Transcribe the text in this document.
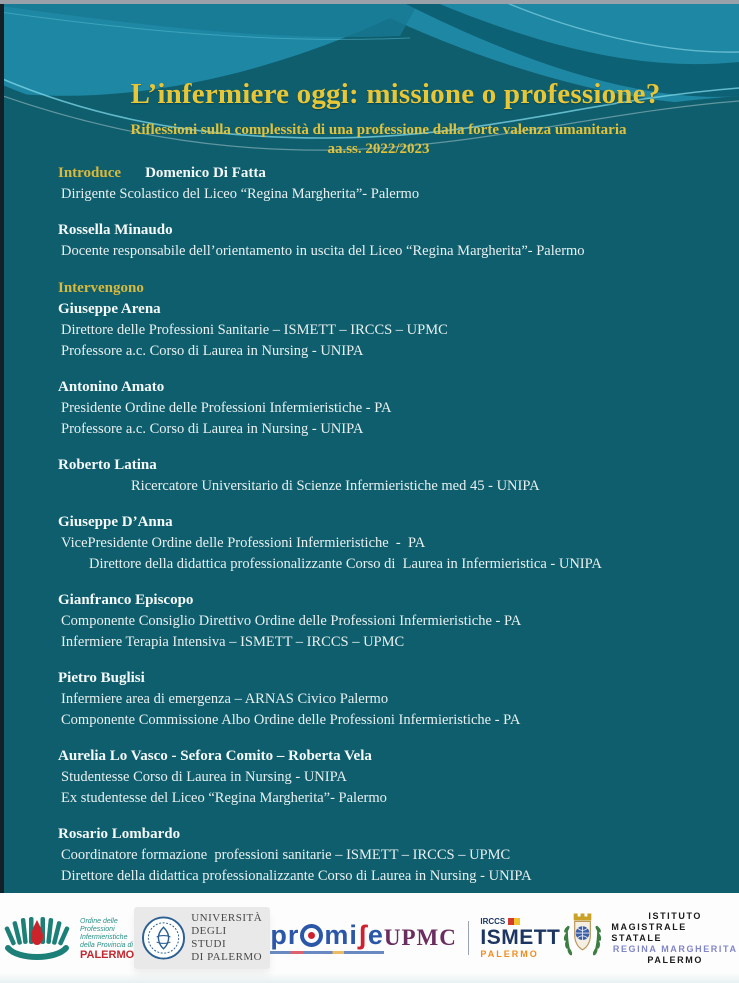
L’infermiere oggi: missione o professione?
Riflessioni sulla complessità di una professione dalla forte valenza umanitaria
aa.ss. 2022/2023
Introduce Domenico Di Fatta
Dirigente Scolastico del Liceo “Regina Margherita”- Palermo
Rossella Minaudo
Docente responsabile dell’orientamento in uscita del Liceo “Regina Margherita”- Palermo
Intervengono
Giuseppe Arena
Direttore delle Professioni Sanitarie – ISMETT – IRCCS – UPMC
Professore a.c. Corso di Laurea in Nursing - UNIPA
Antonino Amato
Presidente Ordine delle Professioni Infermieristiche - PA
Professore a.c. Corso di Laurea in Nursing - UNIPA
Roberto Latina
Ricercatore Universitario di Scienze Infermieristiche med 45 - UNIPA
Giuseppe D’Anna
VicePresidente Ordine delle Professioni Infermieristiche  -  PA
Direttore della didattica professionalizzante Corso di  Laurea in Infermieristica - UNIPA
Gianfranco Episcopo
Componente Consiglio Direttivo Ordine delle Professioni Infermieristiche - PA
Infermiere Terapia Intensiva – ISMETT – IRCCS – UPMC
Pietro Buglisi
Infermiere area di emergenza – ARNAS Civico Palermo
Componente Commissione Albo Ordine delle Professioni Infermieristiche - PA
Aurelia Lo Vasco - Sefora Comito – Roberta Vela
Studentesse Corso di Laurea in Nursing - UNIPA
Ex studentesse del Liceo “Regina Margherita”- Palermo
Rosario Lombardo
Coordinatore formazione  professioni sanitarie – ISMETT – IRCCS – UPMC
Direttore della didattica professionalizzante Corso di Laurea in Nursing - UNIPA
Ordine delle
Professioni
Infermieristiche
della Provincia di
PALERMO
UNIVERSITÀ
DEGLI STUDI
DI PALERMO
pr mi ʃ e UPMC
IRCCS
ISMETT
PALERMO
ISTITUTO
MAGISTRALE STATALE
REGINA MARGHERITA
PALERMO
